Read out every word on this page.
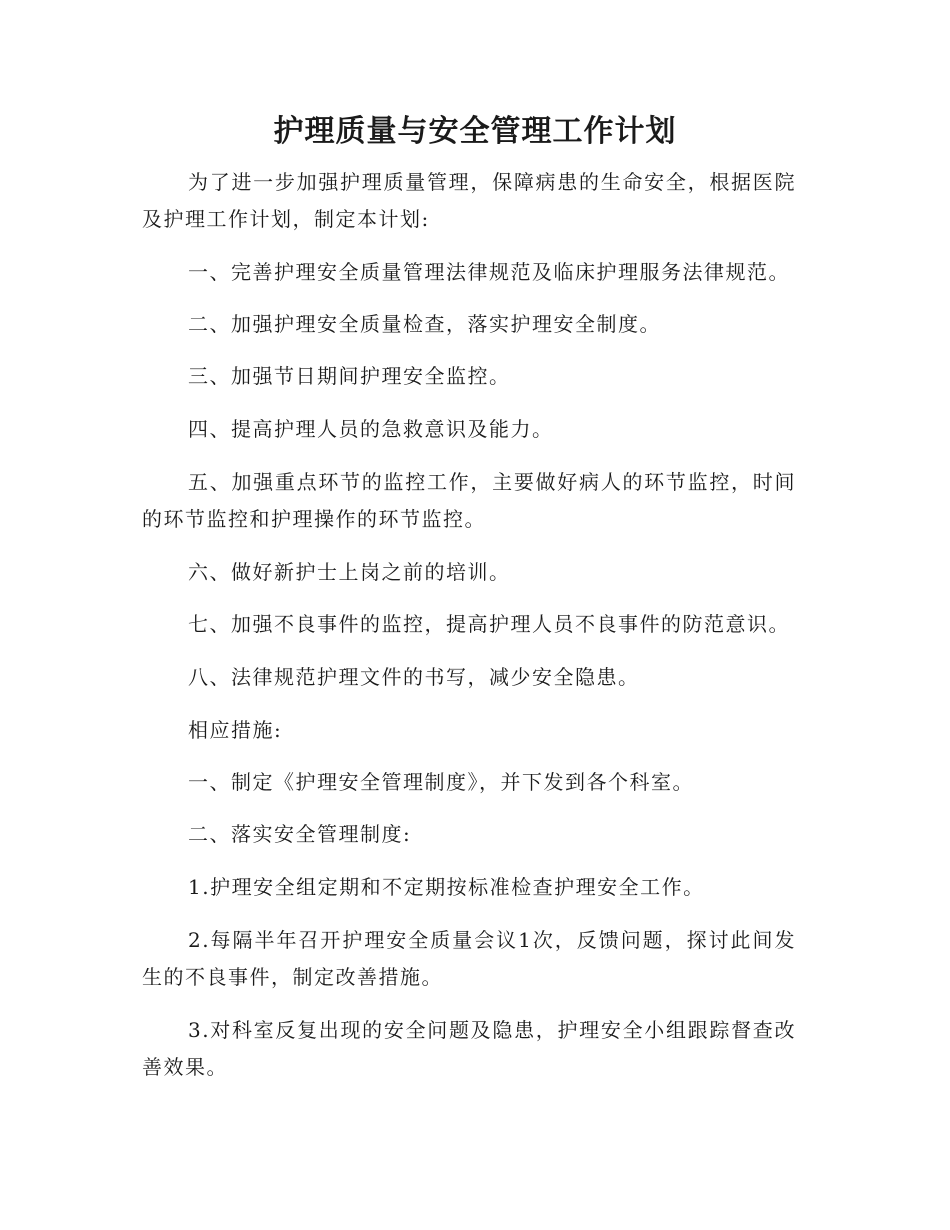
护理质量与安全管理工作计划

为了进一步加强护理质量管理，保障病患的生命安全，根据医院及护理工作计划，制定本计划:

一、完善护理安全质量管理法律规范及临床护理服务法律规范。

二、加强护理安全质量检查，落实护理安全制度。

三、加强节日期间护理安全监控。

四、提高护理人员的急救意识及能力。

五、加强重点环节的监控工作，主要做好病人的环节监控，时间的环节监控和护理操作的环节监控。

六、做好新护士上岗之前的培训。

七、加强不良事件的监控，提高护理人员不良事件的防范意识。

八、法律规范护理文件的书写，减少安全隐患。

相应措施:

一、制定《护理安全管理制度》，并下发到各个科室。

二、落实安全管理制度:

1.护理安全组定期和不定期按标准检查护理安全工作。

2.每隔半年召开护理安全质量会议1次，反馈问题，探讨此间发生的不良事件，制定改善措施。

3.对科室反复出现的安全问题及隐患，护理安全小组跟踪督查改善效果。
